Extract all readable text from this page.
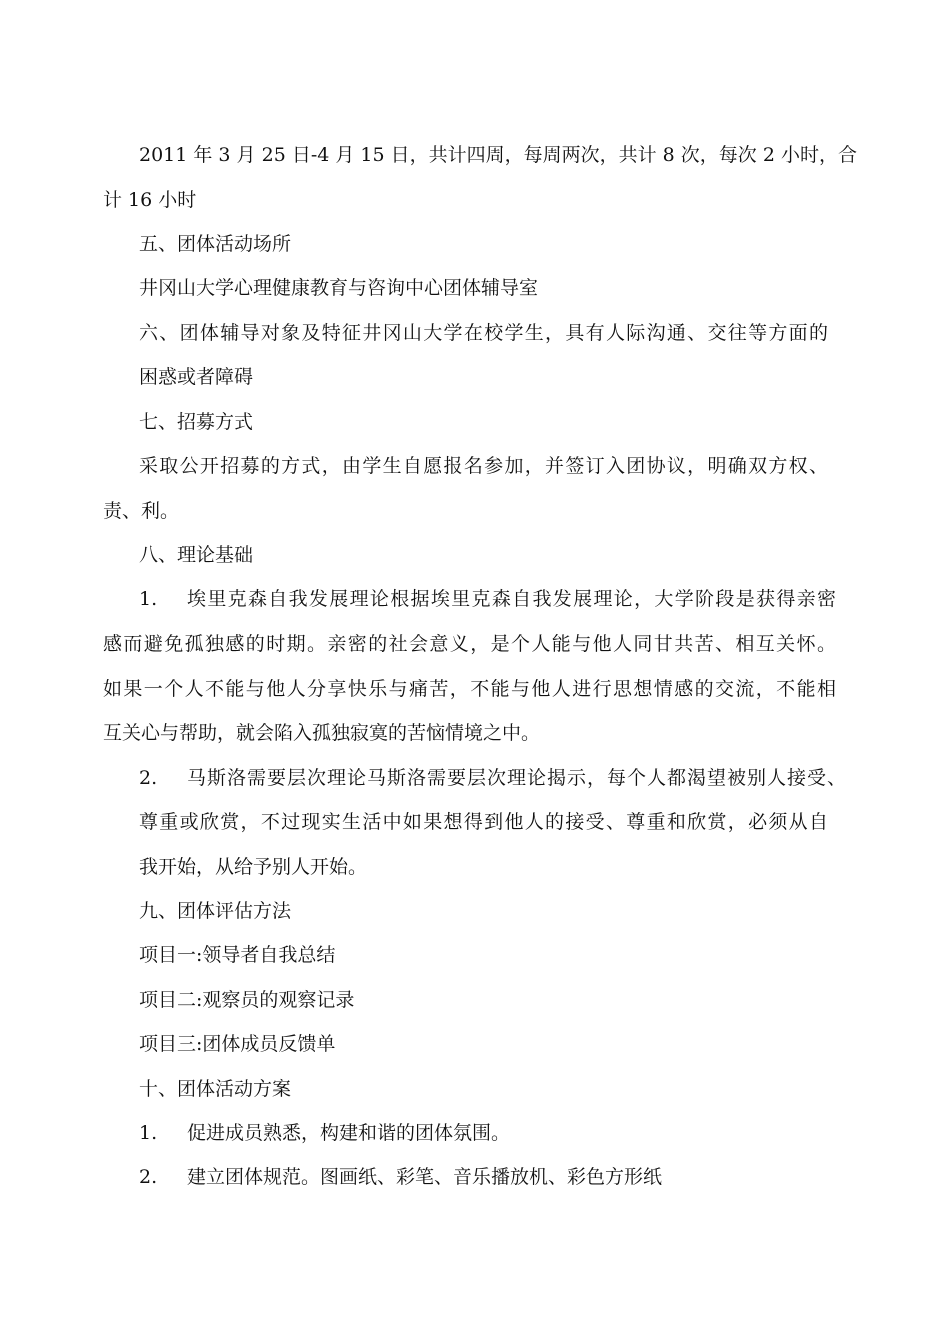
2011 年 3 月 25 日-4 月 15 日，共计四周，每周两次，共计 8 次，每次 2 小时，合
计 16 小时
五、团体活动场所
井冈山大学心理健康教育与咨询中心团体辅导室
六、团体辅导对象及特征井冈山大学在校学生，具有人际沟通、交往等方面的
困惑或者障碍
七、招募方式
采取公开招募的方式，由学生自愿报名参加，并签订入团协议，明确双方权、
责、利。
八、理论基础
1. 埃里克森自我发展理论根据埃里克森自我发展理论，大学阶段是获得亲密
感而避免孤独感的时期。亲密的社会意义，是个人能与他人同甘共苦、相互关怀。
如果一个人不能与他人分享快乐与痛苦，不能与他人进行思想情感的交流，不能相
互关心与帮助，就会陷入孤独寂寞的苦恼情境之中。
2. 马斯洛需要层次理论马斯洛需要层次理论揭示，每个人都渴望被别人接受、
尊重或欣赏，不过现实生活中如果想得到他人的接受、尊重和欣赏，必须从自
我开始，从给予别人开始。
九、团体评估方法
项目一:领导者自我总结
项目二:观察员的观察记录
项目三:团体成员反馈单
十、团体活动方案
1. 促进成员熟悉，构建和谐的团体氛围。
2. 建立团体规范。图画纸、彩笔、音乐播放机、彩色方形纸
